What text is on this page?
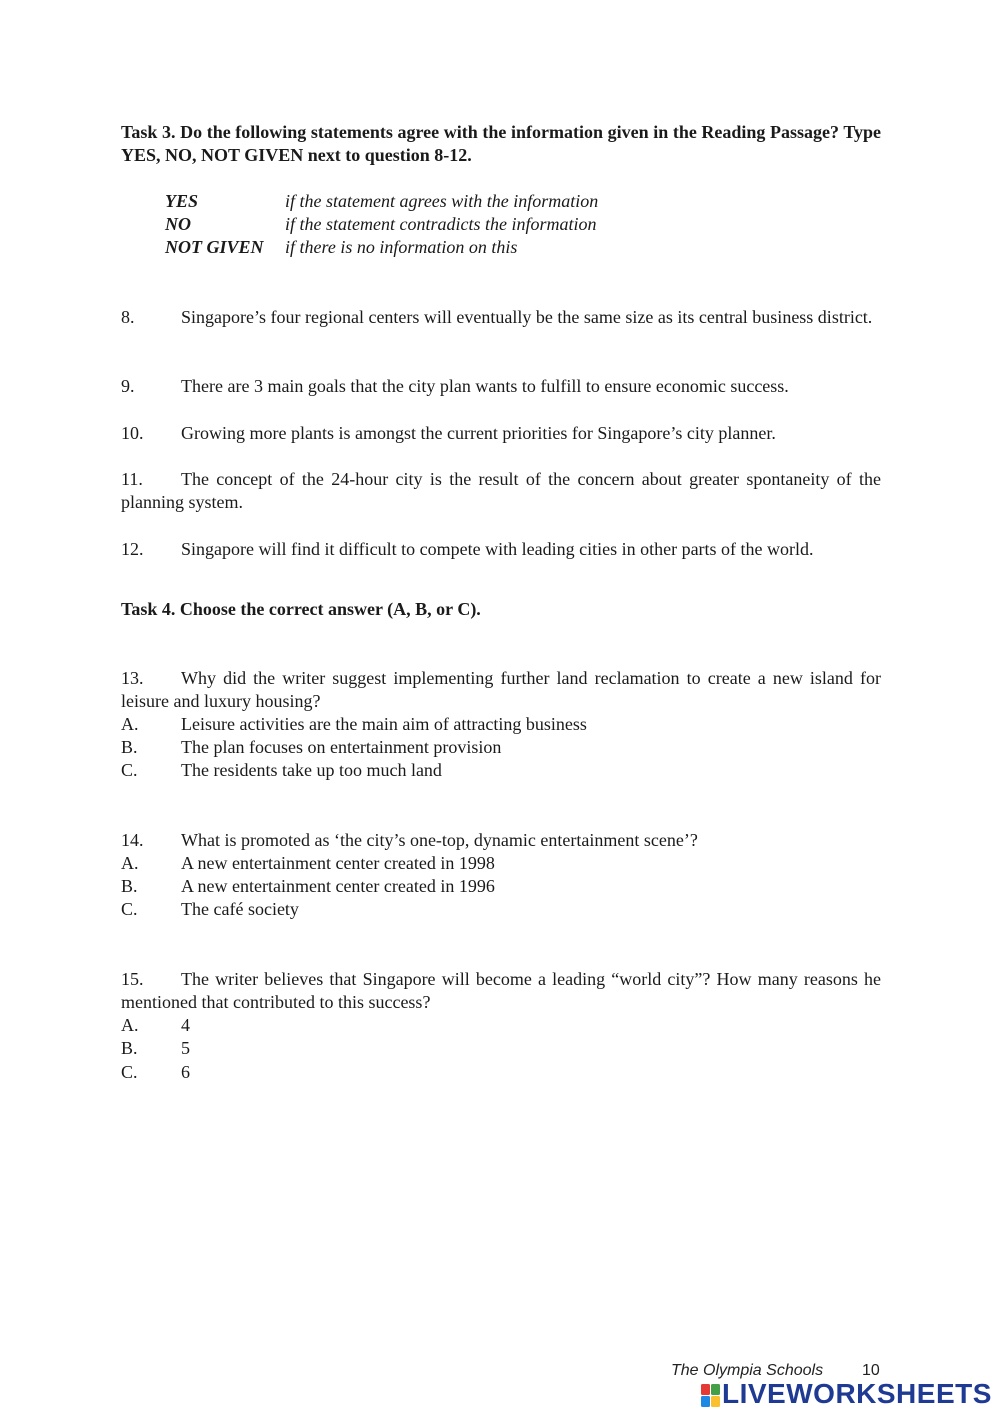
Task 3. Do the following statements agree with the information given in the Reading Passage? Type YES, NO, NOT GIVEN next to question 8-12.
YES	if the statement agrees with the information
NO	if the statement contradicts the information
NOT GIVEN if there is no information on this
8.	Singapore’s four regional centers will eventually be the same size as its central business district.
9.	There are 3 main goals that the city plan wants to fulfill to ensure economic success.
10. Growing more plants is amongst the current priorities for Singapore’s city planner.
11. The concept of the 24-hour city is the result of the concern about greater spontaneity of the planning system.
12. Singapore will find it difficult to compete with leading cities in other parts of the world.
Task 4. Choose the correct answer (A, B, or C).
13. Why did the writer suggest implementing further land reclamation to create a new island for leisure and luxury housing?
A. Leisure activities are the main aim of attracting business
B. The plan focuses on entertainment provision
C. The residents take up too much land
14. What is promoted as ‘the city’s one-top, dynamic entertainment scene’?
A. A new entertainment center created in 1998
B. A new entertainment center created in 1996
C. The café society
15. The writer believes that Singapore will become a leading “world city”? How many reasons he mentioned that contributed to this success?
A. 4
B. 5
C. 6
The Olympia Schools 10
LIVEWORKSHEETS
